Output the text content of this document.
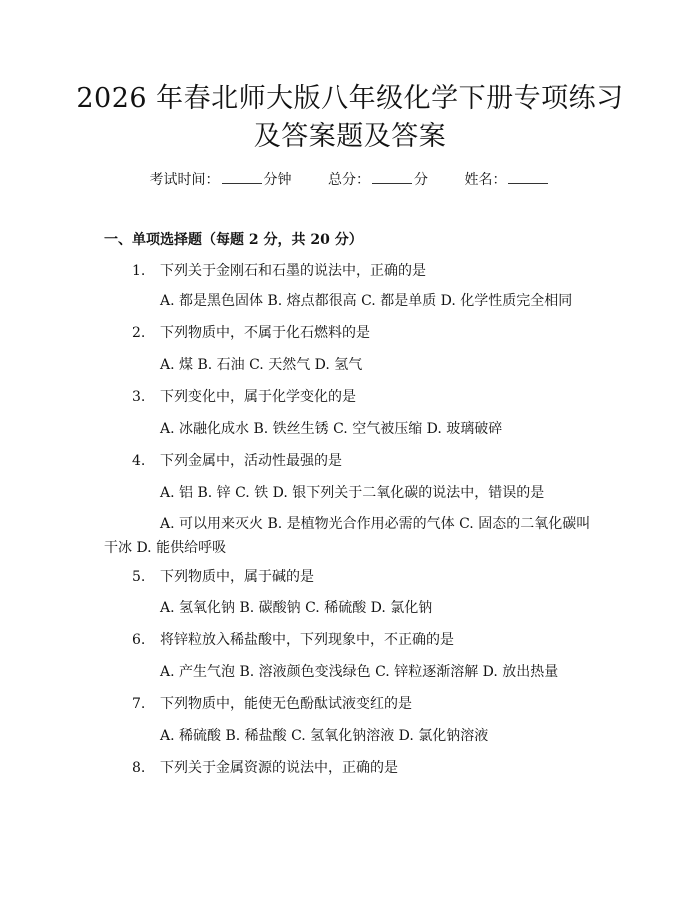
2026 年春北师大版八年级化学下册专项练习
及答案题及答案
考试时间：	分钟	总分：	分	姓名：
一、单项选择题（每题 2 分，共 20 分）
1. 下列关于金刚石和石墨的说法中，正确的是
A. 都是黑色固体 B. 熔点都很高 C. 都是单质 D. 化学性质完全相同
2. 下列物质中，不属于化石燃料的是
A. 煤 B. 石油 C. 天然气 D. 氢气
3. 下列变化中，属于化学变化的是
A. 冰融化成水 B. 铁丝生锈 C. 空气被压缩 D. 玻璃破碎
4. 下列金属中，活动性最强的是
A. 铝 B. 锌 C. 铁 D. 银下列关于二氧化碳的说法中，错误的是
A. 可以用来灭火 B. 是植物光合作用必需的气体 C. 固态的二氧化碳叫干冰 D. 能供给呼吸
5. 下列物质中，属于碱的是
A. 氢氧化钠 B. 碳酸钠 C. 稀硫酸 D. 氯化钠
6. 将锌粒放入稀盐酸中，下列现象中，不正确的是
A. 产生气泡 B. 溶液颜色变浅绿色 C. 锌粒逐渐溶解 D. 放出热量
7. 下列物质中，能使无色酚酞试液变红的是
A. 稀硫酸 B. 稀盐酸 C. 氢氧化钠溶液 D. 氯化钠溶液
8. 下列关于金属资源的说法中，正确的是
